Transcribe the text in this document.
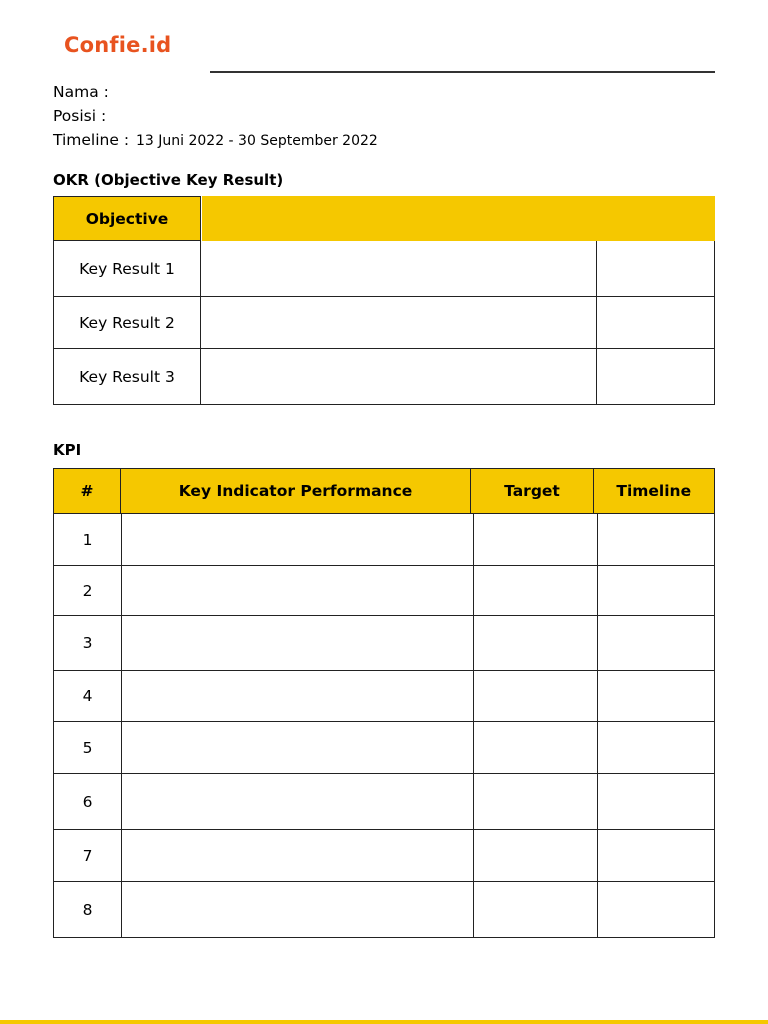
Confie.id
Nama :
Posisi :
Timeline : 13 Juni 2022 - 30 September 2022
OKR (Objective Key Result)
Objective
Key Result 1
Key Result 2
Key Result 3
KPI
#	Key Indicator Performance	Target	Timeline
1
2
3
4
5
6
7
8
